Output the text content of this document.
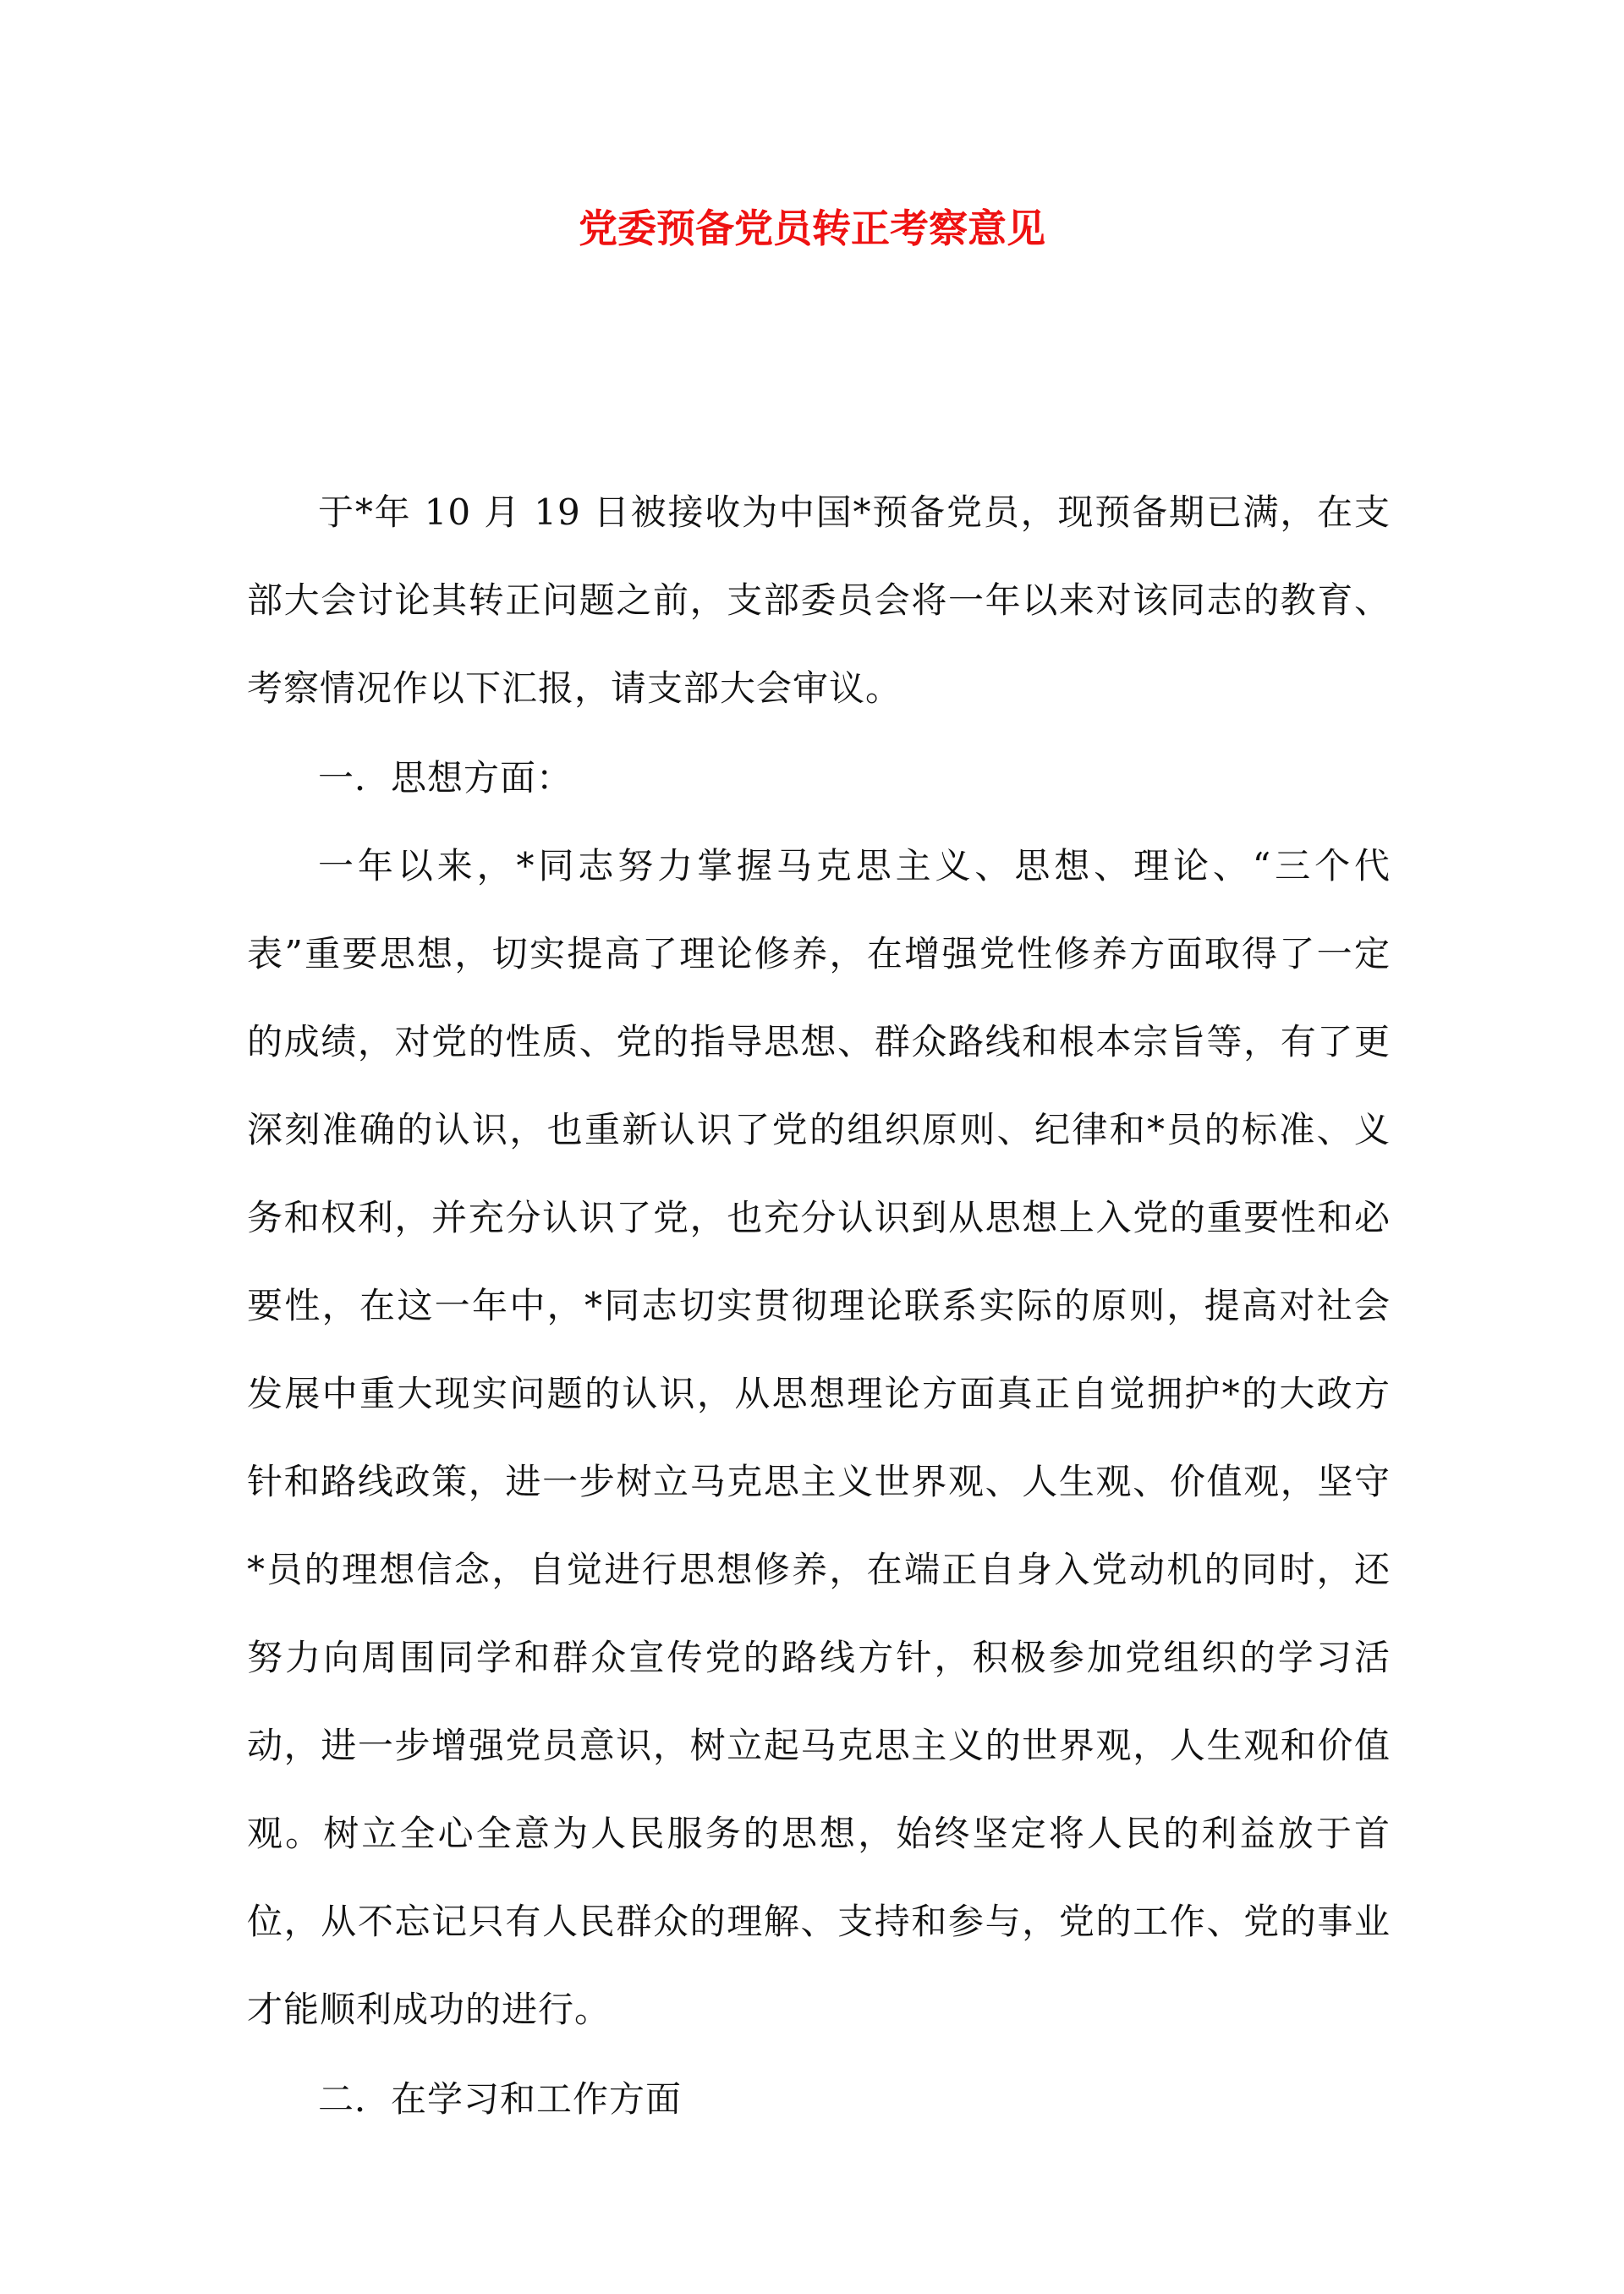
党委预备党员转正考察意见

于*年 10 月 19 日被接收为中国*预备党员，现预备期已满，在支部大会讨论其转正问题之前，支部委员会将一年以来对该同志的教育、考察情况作以下汇报，请支部大会审议。

一．思想方面：

一年以来，*同志努力掌握马克思主义、思想、理论、“三个代表”重要思想，切实提高了理论修养，在增强党性修养方面取得了一定的成绩，对党的性质、党的指导思想、群众路线和根本宗旨等，有了更深刻准确的认识，也重新认识了党的组织原则、纪律和*员的标准、义务和权利，并充分认识了党，也充分认识到从思想上入党的重要性和必要性，在这一年中，*同志切实贯彻理论联系实际的原则，提高对社会发展中重大现实问题的认识，从思想理论方面真正自觉拥护*的大政方针和路线政策，进一步树立马克思主义世界观、人生观、价值观，坚守*员的理想信念，自觉进行思想修养，在端正自身入党动机的同时，还努力向周围同学和群众宣传党的路线方针，积极参加党组织的学习活动，进一步增强党员意识，树立起马克思主义的世界观，人生观和价值观。树立全心全意为人民服务的思想，始终坚定将人民的利益放于首位，从不忘记只有人民群众的理解、支持和参与，党的工作、党的事业才能顺利成功的进行。

二．在学习和工作方面
